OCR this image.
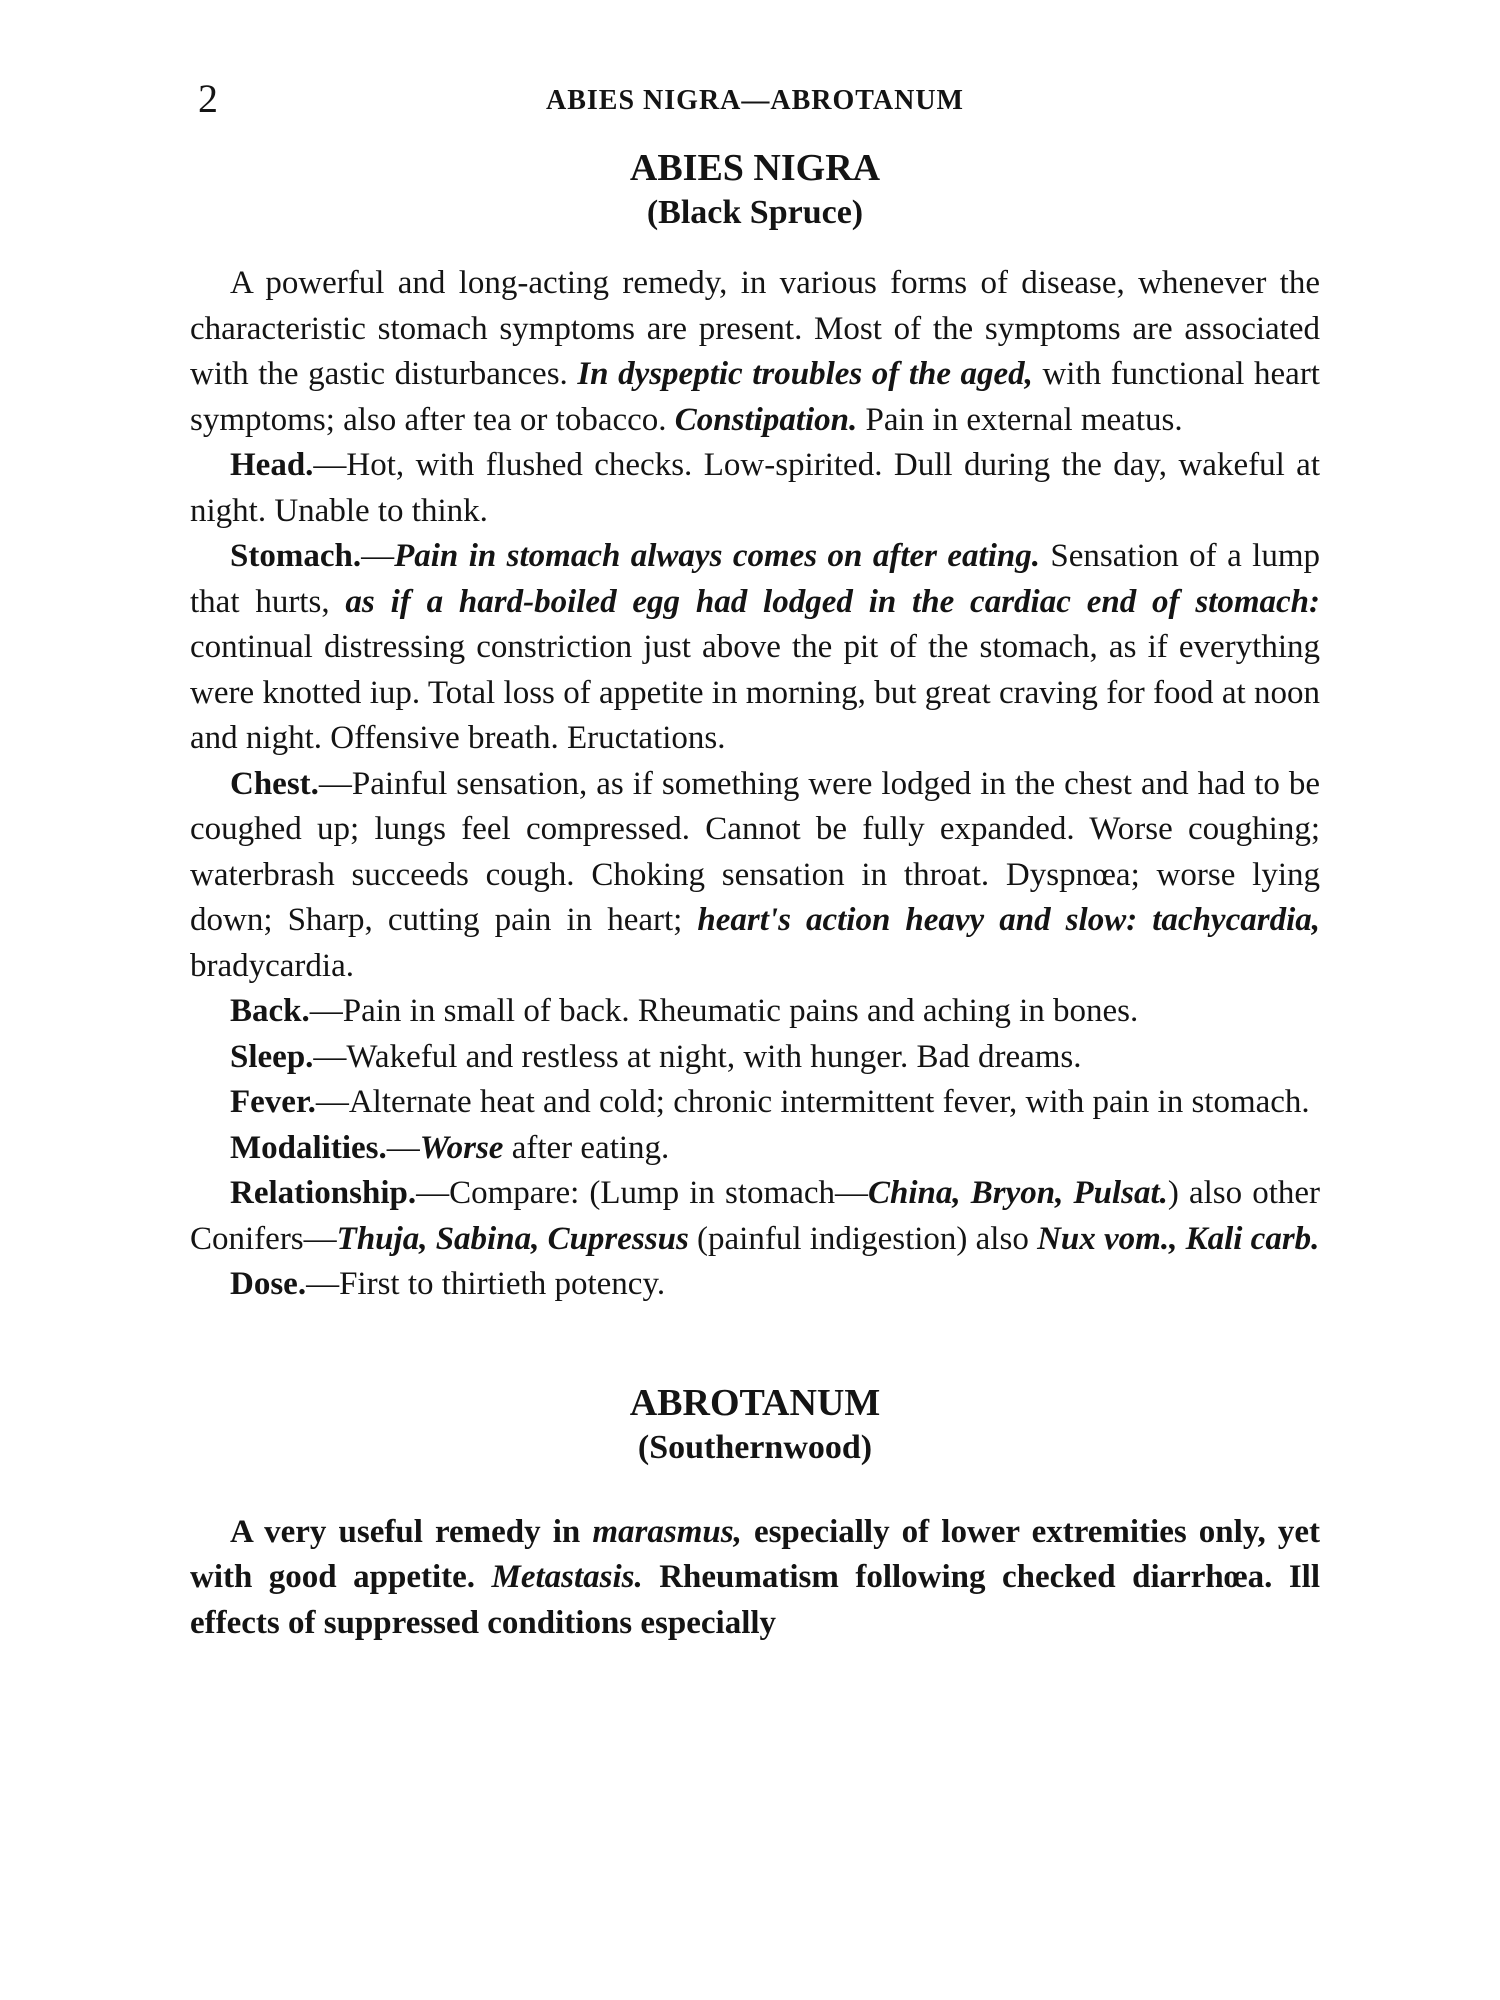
2	ABIES NIGRA—ABROTANUM

ABIES NIGRA

(Black Spruce)

A powerful and long-acting remedy, in various forms of disease, whenever the characteristic stomach symptoms are present. Most of the symptoms are associated with the gastic disturbances. In dyspeptic troubles of the aged, with functional heart symptoms; also after tea or tobacco. Constipation. Pain in external meatus.

Head.—Hot, with flushed checks. Low-spirited. Dull during the day, wakeful at night. Unable to think.

Stomach.—Pain in stomach always comes on after eating. Sensation of a lump that hurts, as if a hard-boiled egg had lodged in the cardiac end of stomach: continual distressing constriction just above the pit of the stomach, as if everything were knotted iup. Total loss of appetite in morning, but great craving for food at noon and night. Offensive breath. Eructations.

Chest.—Painful sensation, as if something were lodged in the chest and had to be coughed up; lungs feel compressed. Cannot be fully expanded. Worse coughing; waterbrash succeeds cough. Choking sensation in throat. Dyspnœa; worse lying down; Sharp, cutting pain in heart; heart's action heavy and slow: tachycardia, bradycardia.

Back.—Pain in small of back. Rheumatic pains and aching in bones.

Sleep.—Wakeful and restless at night, with hunger. Bad dreams.

Fever.—Alternate heat and cold; chronic intermittent fever, with pain in stomach.

Modalities.—Worse after eating.

Relationship.—Compare: (Lump in stomach—China, Bryon, Pulsat.) also other Conifers—Thuja, Sabina, Cupressus (painful indigestion) also Nux vom., Kali carb.

Dose.—First to thirtieth potency.

ABROTANUM

(Southernwood)

A very useful remedy in marasmus, especially of lower extremities only, yet with good appetite. Metastasis. Rheumatism following checked diarrhœa. Ill effects of suppressed conditions especially
